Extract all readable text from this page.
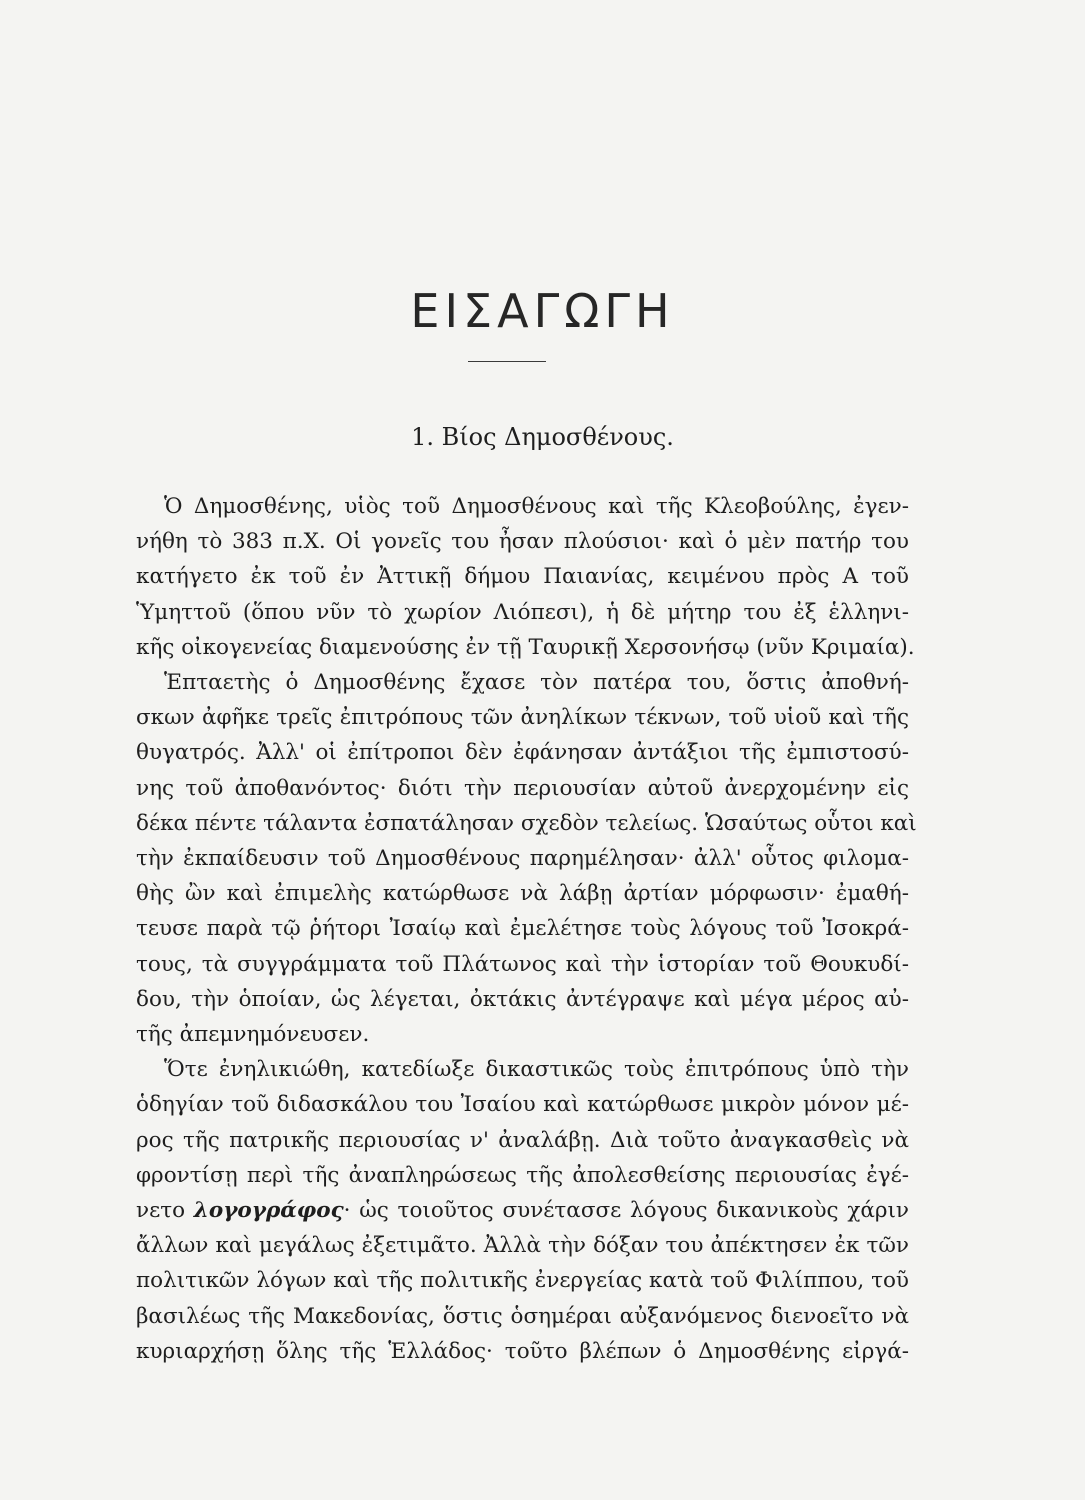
ΕΙΣΑΓΩΓΗ
1. Βίος Δημοσθένους.

Ὁ Δημοσθένης, υἱὸς τοῦ Δημοσθένους καὶ τῆς Κλεοβούλης, ἐγεν-
νήθη τὸ 383 π.Χ. Οἱ γονεῖς του ἦσαν πλούσιοι· καὶ ὁ μὲν πατήρ του
κατήγετο ἐκ τοῦ ἐν Ἀττικῇ δήμου Παιανίας, κειμένου πρὸς Α τοῦ
Ὑμηττοῦ (ὅπου νῦν τὸ χωρίον Λιόπεσι), ἡ δὲ μήτηρ του ἐξ ἑλληνι-
κῆς οἰκογενείας διαμενούσης ἐν τῇ Ταυρικῇ Χερσονήσῳ (νῦν Κριμαία).

Ἑπταετὴς ὁ Δημοσθένης ἔχασε τὸν πατέρα του, ὅστις ἀποθνή-
σκων ἀφῆκε τρεῖς ἐπιτρόπους τῶν ἀνηλίκων τέκνων, τοῦ υἱοῦ καὶ τῆς
θυγατρός. Ἀλλ' οἱ ἐπίτροποι δὲν ἐφάνησαν ἀντάξιοι τῆς ἐμπιστοσύ-
νης τοῦ ἀποθανόντος· διότι τὴν περιουσίαν αὐτοῦ ἀνερχομένην εἰς
δέκα πέντε τάλαντα ἐσπατάλησαν σχεδὸν τελείως. Ὡσαύτως οὗτοι καὶ
τὴν ἐκπαίδευσιν τοῦ Δημοσθένους παρημέλησαν· ἀλλ' οὗτος φιλομα-
θὴς ὢν καὶ ἐπιμελὴς κατώρθωσε νὰ λάβῃ ἀρτίαν μόρφωσιν· ἐμαθή-
τευσε παρὰ τῷ ῥήτορι Ἰσαίῳ καὶ ἐμελέτησε τοὺς λόγους τοῦ Ἰσοκρά-
τους, τὰ συγγράμματα τοῦ Πλάτωνος καὶ τὴν ἱστορίαν τοῦ Θουκυδί-
δου, τὴν ὁποίαν, ὡς λέγεται, ὀκτάκις ἀντέγραψε καὶ μέγα μέρος αὐ-
τῆς ἀπεμνημόνευσεν.

Ὅτε ἐνηλικιώθη, κατεδίωξε δικαστικῶς τοὺς ἐπιτρόπους ὑπὸ τὴν
ὁδηγίαν τοῦ διδασκάλου του Ἰσαίου καὶ κατώρθωσε μικρὸν μόνον μέ-
ρος τῆς πατρικῆς περιουσίας ν' ἀναλάβῃ. Διὰ τοῦτο ἀναγκασθεὶς νὰ
φροντίσῃ περὶ τῆς ἀναπληρώσεως τῆς ἀπολεσθείσης περιουσίας ἐγέ-
νετο λογογράφος· ὡς τοιοῦτος συνέτασσε λόγους δικανικοὺς χάριν
ἄλλων καὶ μεγάλως ἐξετιμᾶτο. Ἀλλὰ τὴν δόξαν του ἀπέκτησεν ἐκ τῶν
πολιτικῶν λόγων καὶ τῆς πολιτικῆς ἐνεργείας κατὰ τοῦ Φιλίππου, τοῦ
βασιλέως τῆς Μακεδονίας, ὅστις ὁσημέραι αὐξανόμενος διενοεῖτο νὰ
κυριαρχήσῃ ὅλης τῆς Ἑλλάδος· τοῦτο βλέπων ὁ Δημοσθένης εἰργά-
